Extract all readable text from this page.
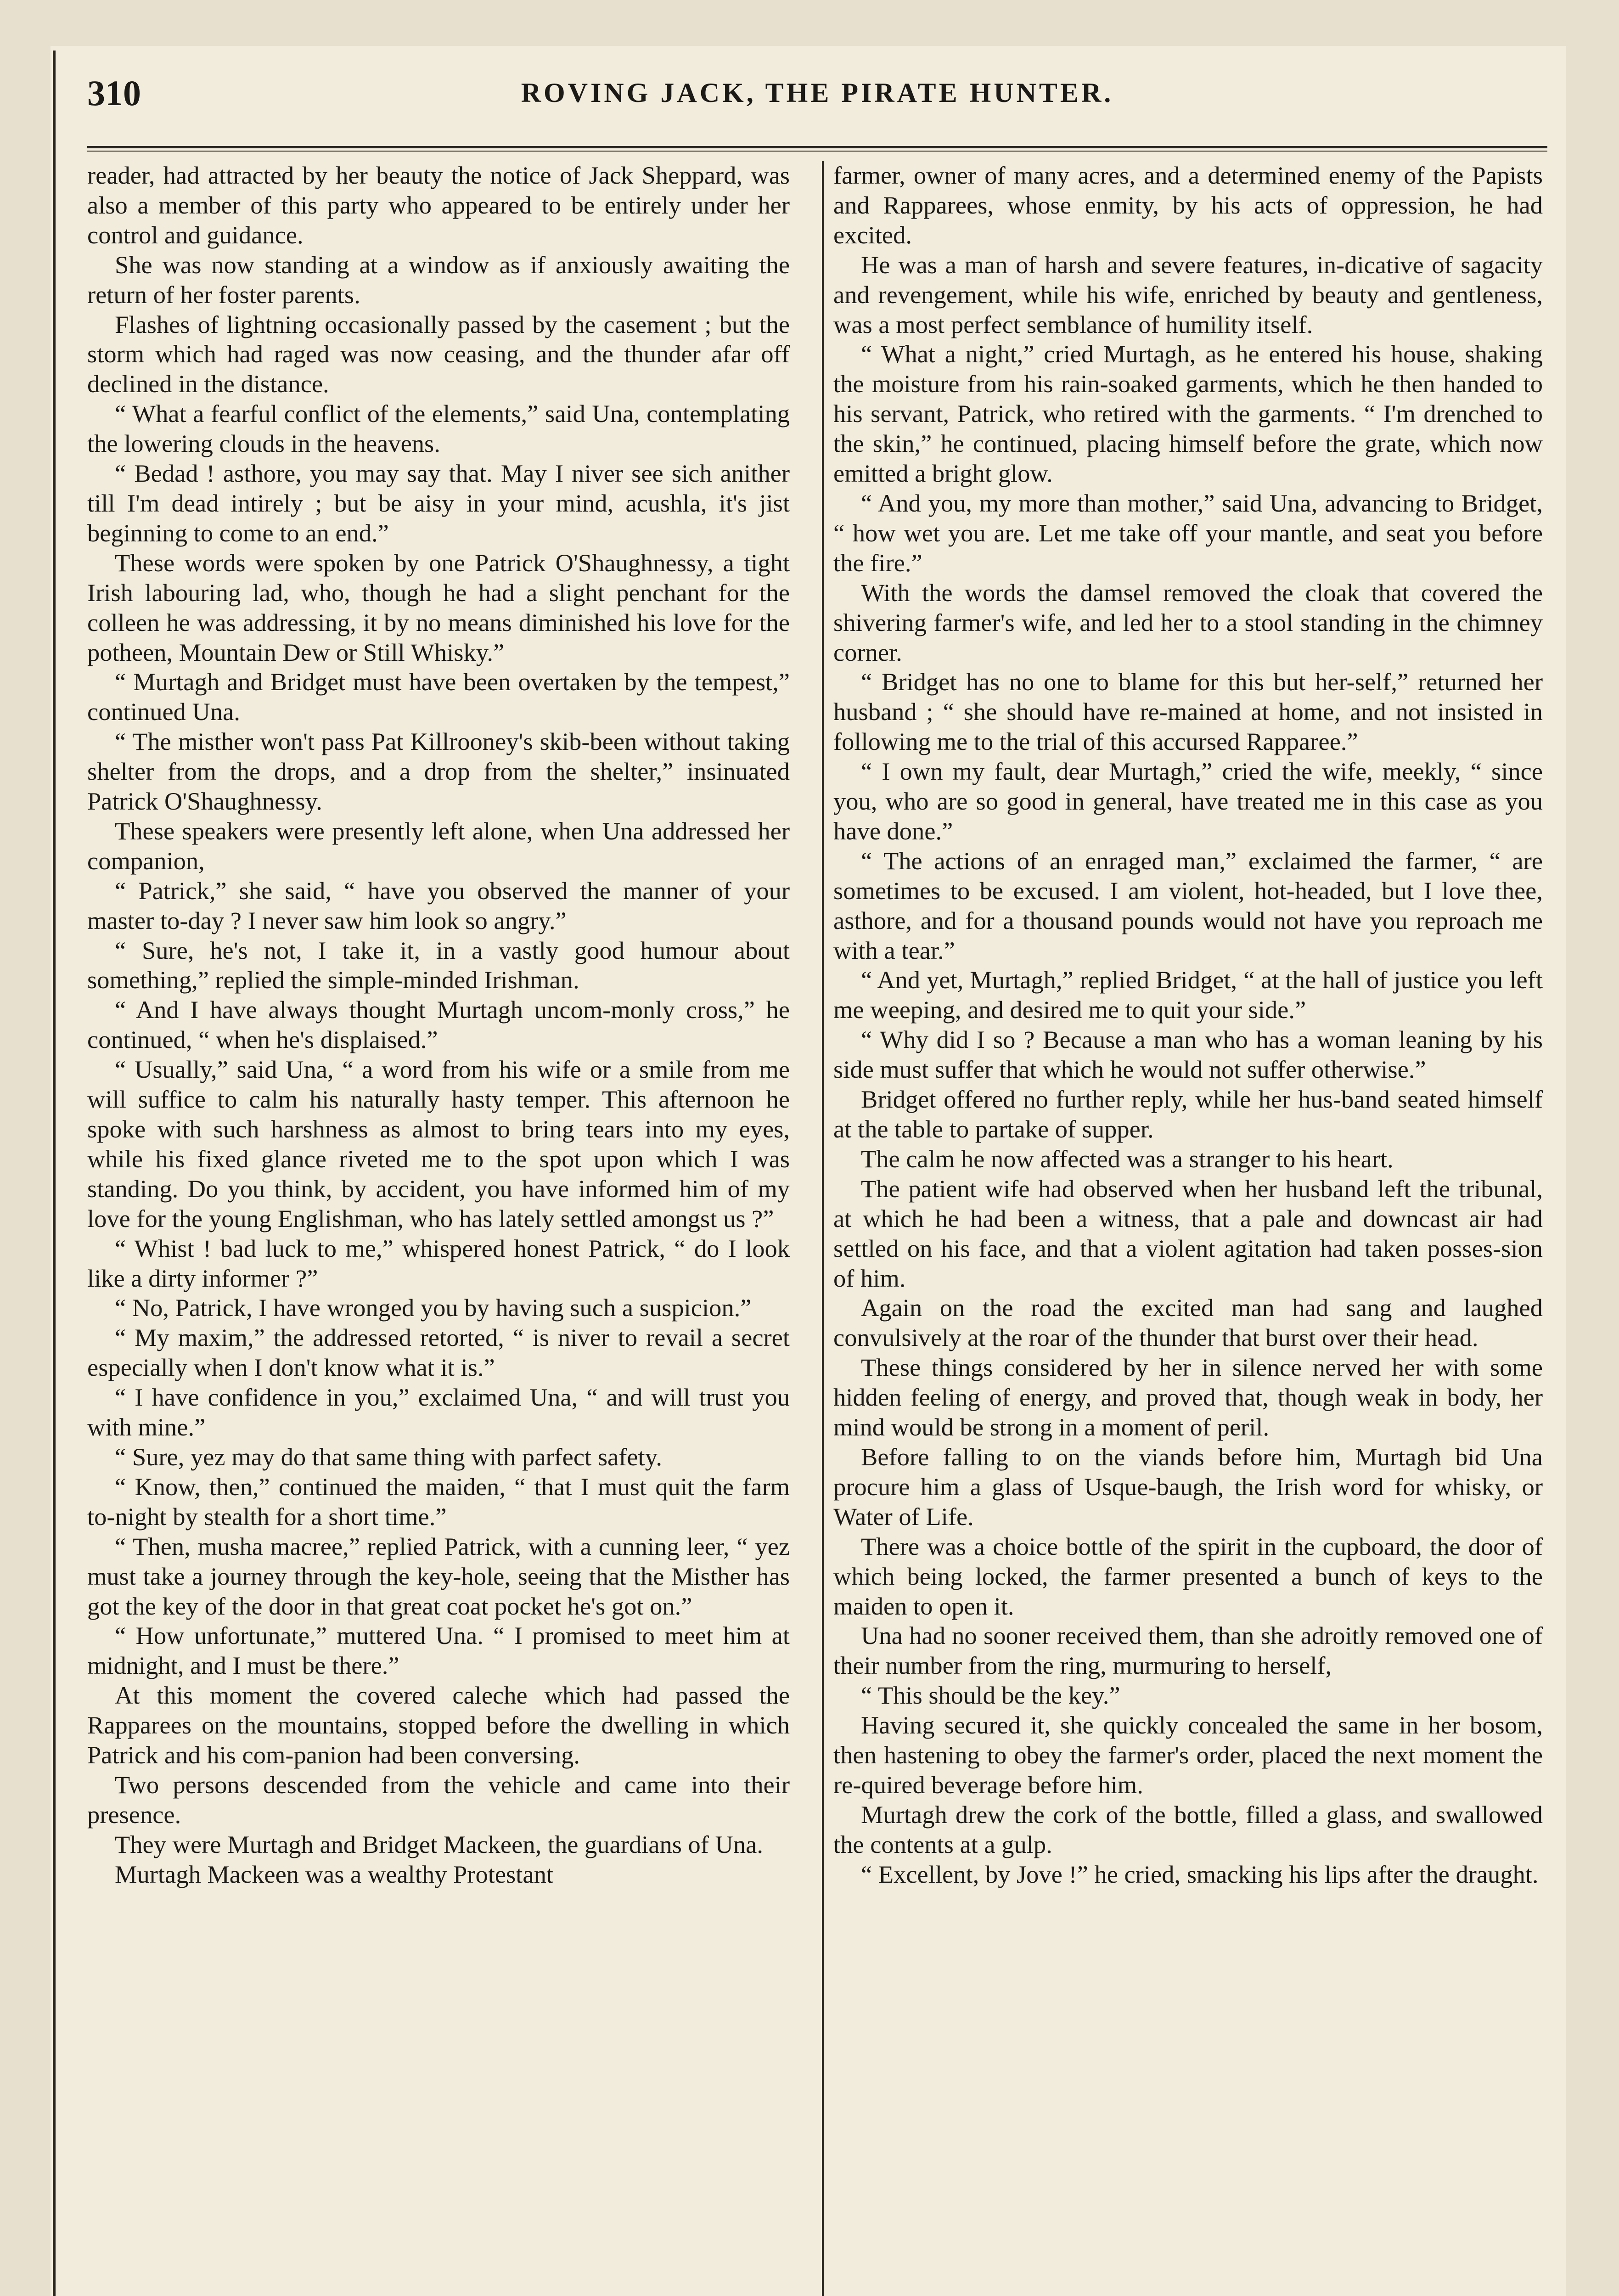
310	ROVING JACK, THE PIRATE HUNTER.

reader, had attracted by her beauty the notice of Jack Sheppard, was also a member of this party who appeared to be entirely under her control and guidance.

She was now standing at a window as if anxiously awaiting the return of her foster parents.

Flashes of lightning occasionally passed by the casement ; but the storm which had raged was now ceasing, and the thunder afar off declined in the distance.

“ What a fearful conflict of the elements,” said Una, contemplating the lowering clouds in the heavens.

“ Bedad ! asthore, you may say that. May I niver see sich anither till I'm dead intirely ; but be aisy in your mind, acushla, it's jist beginning to come to an end.”

These words were spoken by one Patrick O'Shaughnessy, a tight Irish labouring lad, who, though he had a slight penchant for the colleen he was addressing, it by no means diminished his love for the potheen, Mountain Dew or Still Whisky.”

“ Murtagh and Bridget must have been overtaken by the tempest,” continued Una.

“ The misther won't pass Pat Killrooney's skib-been without taking shelter from the drops, and a drop from the shelter,” insinuated Patrick O'Shaughnessy.

These speakers were presently left alone, when Una addressed her companion,

“ Patrick,” she said, “ have you observed the manner of your master to-day ? I never saw him look so angry.”

“ Sure, he's not, I take it, in a vastly good humour about something,” replied the simple-minded Irishman.

“ And I have always thought Murtagh uncom-monly cross,” he continued, “ when he's displaised.”

“ Usually,” said Una, “ a word from his wife or a smile from me will suffice to calm his naturally hasty temper. This afternoon he spoke with such harshness as almost to bring tears into my eyes, while his fixed glance riveted me to the spot upon which I was standing. Do you think, by accident, you have informed him of my love for the young Englishman, who has lately settled amongst us ?”

“ Whist ! bad luck to me,” whispered honest Patrick, “ do I look like a dirty informer ?”

“ No, Patrick, I have wronged you by having such a suspicion.”

“ My maxim,” the addressed retorted, “ is niver to revail a secret especially when I don't know what it is.”

“ I have confidence in you,” exclaimed Una, “ and will trust you with mine.”

“ Sure, yez may do that same thing with parfect safety.

“ Know, then,” continued the maiden, “ that I must quit the farm to-night by stealth for a short time.”

“ Then, musha macree,” replied Patrick, with a cunning leer, “ yez must take a journey through the key-hole, seeing that the Misther has got the key of the door in that great coat pocket he's got on.”

“ How unfortunate,” muttered Una. “ I promised to meet him at midnight, and I must be there.”

At this moment the covered caleche which had passed the Rapparees on the mountains, stopped before the dwelling in which Patrick and his com-panion had been conversing.

Two persons descended from the vehicle and came into their presence.

They were Murtagh and Bridget Mackeen, the guardians of Una.

Murtagh Mackeen was a wealthy Protestant

farmer, owner of many acres, and a determined enemy of the Papists and Rapparees, whose enmity, by his acts of oppression, he had excited.

He was a man of harsh and severe features, in-dicative of sagacity and revengement, while his wife, enriched by beauty and gentleness, was a most perfect semblance of humility itself.

“ What a night,” cried Murtagh, as he entered his house, shaking the moisture from his rain-soaked garments, which he then handed to his servant, Patrick, who retired with the garments. “ I'm drenched to the skin,” he continued, placing himself before the grate, which now emitted a bright glow.

“ And you, my more than mother,” said Una, advancing to Bridget, “ how wet you are. Let me take off your mantle, and seat you before the fire.”

With the words the damsel removed the cloak that covered the shivering farmer's wife, and led her to a stool standing in the chimney corner.

“ Bridget has no one to blame for this but her-self,” returned her husband ; “ she should have re-mained at home, and not insisted in following me to the trial of this accursed Rapparee.”

“ I own my fault, dear Murtagh,” cried the wife, meekly, “ since you, who are so good in general, have treated me in this case as you have done.”

“ The actions of an enraged man,” exclaimed the farmer, “ are sometimes to be excused. I am violent, hot-headed, but I love thee, asthore, and for a thousand pounds would not have you reproach me with a tear.”

“ And yet, Murtagh,” replied Bridget, “ at the hall of justice you left me weeping, and desired me to quit your side.”

“ Why did I so ? Because a man who has a woman leaning by his side must suffer that which he would not suffer otherwise.”

Bridget offered no further reply, while her hus-band seated himself at the table to partake of supper.

The calm he now affected was a stranger to his heart.

The patient wife had observed when her husband left the tribunal, at which he had been a witness, that a pale and downcast air had settled on his face, and that a violent agitation had taken posses-sion of him.

Again on the road the excited man had sang and laughed convulsively at the roar of the thunder that burst over their head.

These things considered by her in silence nerved her with some hidden feeling of energy, and proved that, though weak in body, her mind would be strong in a moment of peril.

Before falling to on the viands before him, Murtagh bid Una procure him a glass of Usque-baugh, the Irish word for whisky, or Water of Life.

There was a choice bottle of the spirit in the cupboard, the door of which being locked, the farmer presented a bunch of keys to the maiden to open it.

Una had no sooner received them, than she adroitly removed one of their number from the ring, murmuring to herself,

“ This should be the key.”

Having secured it, she quickly concealed the same in her bosom, then hastening to obey the farmer's order, placed the next moment the re-quired beverage before him.

Murtagh drew the cork of the bottle, filled a glass, and swallowed the contents at a gulp.

“ Excellent, by Jove !” he cried, smacking his lips after the draught.
